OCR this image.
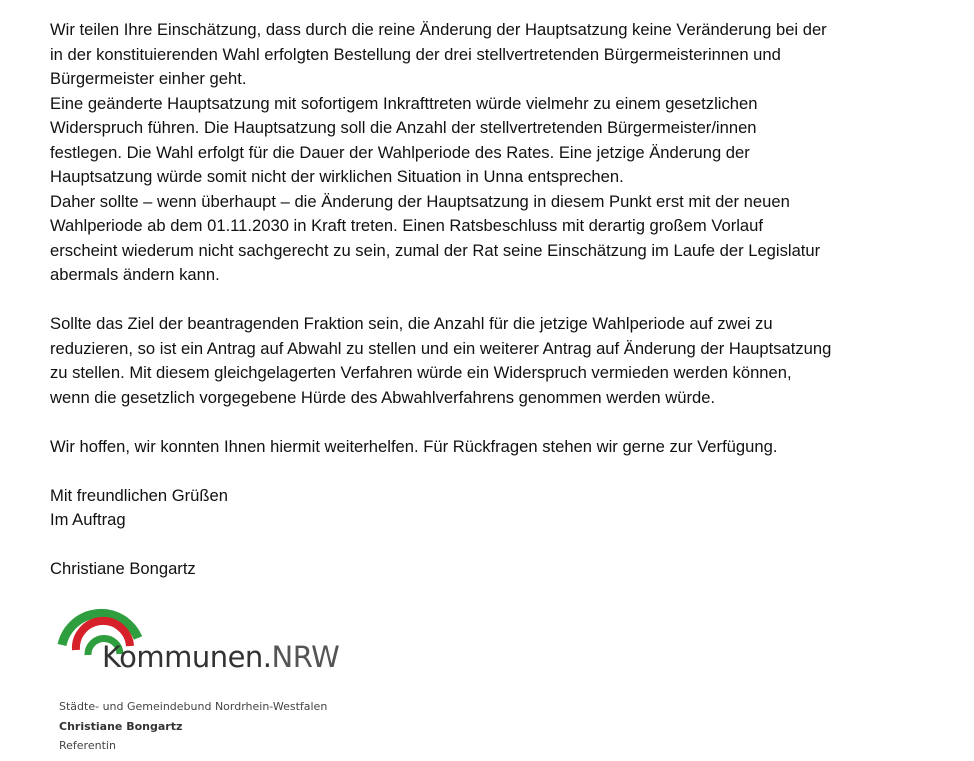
Wir teilen Ihre Einschätzung, dass durch die reine Änderung der Hauptsatzung keine Veränderung bei der
in der konstituierenden Wahl erfolgten Bestellung der drei stellvertretenden Bürgermeisterinnen und
Bürgermeister einher geht.
Eine geänderte Hauptsatzung mit sofortigem Inkrafttreten würde vielmehr zu einem gesetzlichen
Widerspruch führen. Die Hauptsatzung soll die Anzahl der stellvertretenden Bürgermeister/innen
festlegen. Die Wahl erfolgt für die Dauer der Wahlperiode des Rates. Eine jetzige Änderung der
Hauptsatzung würde somit nicht der wirklichen Situation in Unna entsprechen.
Daher sollte – wenn überhaupt – die Änderung der Hauptsatzung in diesem Punkt erst mit der neuen
Wahlperiode ab dem 01.11.2030 in Kraft treten. Einen Ratsbeschluss mit derartig großem Vorlauf
erscheint wiederum nicht sachgerecht zu sein, zumal der Rat seine Einschätzung im Laufe der Legislatur
abermals ändern kann.
Sollte das Ziel der beantragenden Fraktion sein, die Anzahl für die jetzige Wahlperiode auf zwei zu
reduzieren, so ist ein Antrag auf Abwahl zu stellen und ein weiterer Antrag auf Änderung der Hauptsatzung
zu stellen. Mit diesem gleichgelagerten Verfahren würde ein Widerspruch vermieden werden können,
wenn die gesetzlich vorgegebene Hürde des Abwahlverfahrens genommen werden würde.
Wir hoffen, wir konnten Ihnen hiermit weiterhelfen. Für Rückfragen stehen wir gerne zur Verfügung.
Mit freundlichen Grüßen
Im Auftrag
Christiane Bongartz
Kommunen.NRW
Städte- und Gemeindebund Nordrhein-Westfalen
Christiane Bongartz
Referentin
